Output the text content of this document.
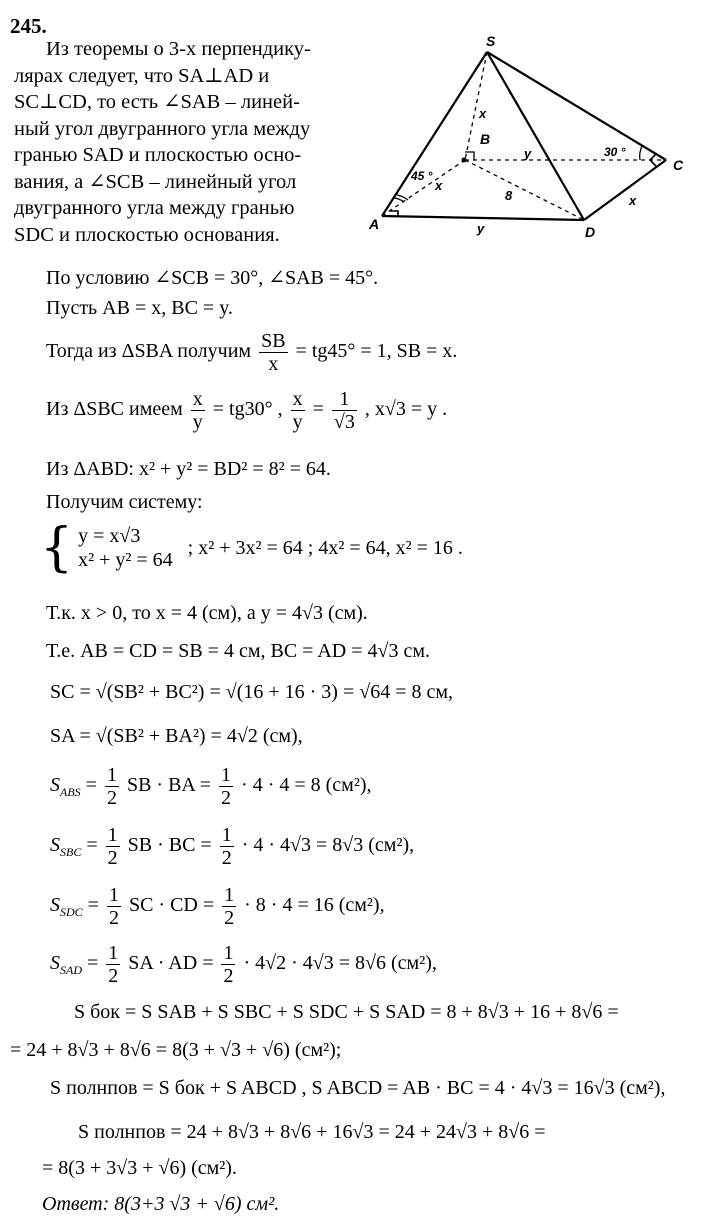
245.
Из теоремы о 3-х перпендику-
лярах следует, что SA⊥AD и
SC⊥CD, то есть ∠SAB – линей-
ный угол двугранного угла между
гранью SAD и плоскостью осно-
вания, а ∠SCB – линейный угол
двугранного угла между гранью
SDC и плоскостью основания.
S
B
C
A	D
x
y
8
x
x
y
45 °
30 °
По условию ∠SCB = 30°, ∠SAB = 45°.
Пусть AB = x, BC = y.
Тогда из ΔSBA получим $\frac{SB}{x} = tg45^\circ = 1$, SB = x.
Из ΔSBC имеем $\frac{x}{y} = tg30^\circ$ , $\frac{x}{y} = \frac{1}{√3}$ , x√3 = y .
Из ΔABD: x² + y² = BD² = 8² = 64.
Получим систему:
{ y = x√3
x² + y² = 64
; x² + 3x² = 64 ; 4x² = 64, x² = 16 .
Т.к. x > 0, то x = 4 (см), а y = 4√3 (см).
Т.е. AB = CD = SB = 4 см, BC = AD = 4√3 см.
SC = √(SB² + BC²) = √(16 + 16 · 3) = √64 = 8 см,
SA = √(SB² + BA²) = 4√2 (см),
$S_{ABS} = \frac{1}{2}$ SB · BA = $\frac{1}{2} \cdot 4 \cdot 4 = 8$ (см²),
$S_{SBC} = \frac{1}{2}$ SB · BC = $\frac{1}{2} \cdot 4 \cdot 4√3 = 8√3$ (см²),
$S_{SDC} = \frac{1}{2}$ SC · CD = $\frac{1}{2} \cdot 8 \cdot 4 = 16$ (см²),
$S_{SAD} = \frac{1}{2}$ SA · AD = $\frac{1}{2} \cdot 4√2 \cdot 4√3 = 8√6$ (см²),
S бок = S SAB + S SBC + S SDC + S SAD = 8 + 8√3 + 16 + 8√6 =
= 24 + 8√3 + 8√6 = 8(3 + √3 + √6) (см²);
S полнпов = S бок + S ABCD , S ABCD = AB · BC = 4 · 4√3 = 16√3 (см²),
S полнпов = 24 + 8√3 + 8√6 + 16√3 = 24 + 24√3 + 8√6 =
= 8(3 + 3√3 + √6) (см²).
Ответ: 8(3+3 √3 + √6) см².
